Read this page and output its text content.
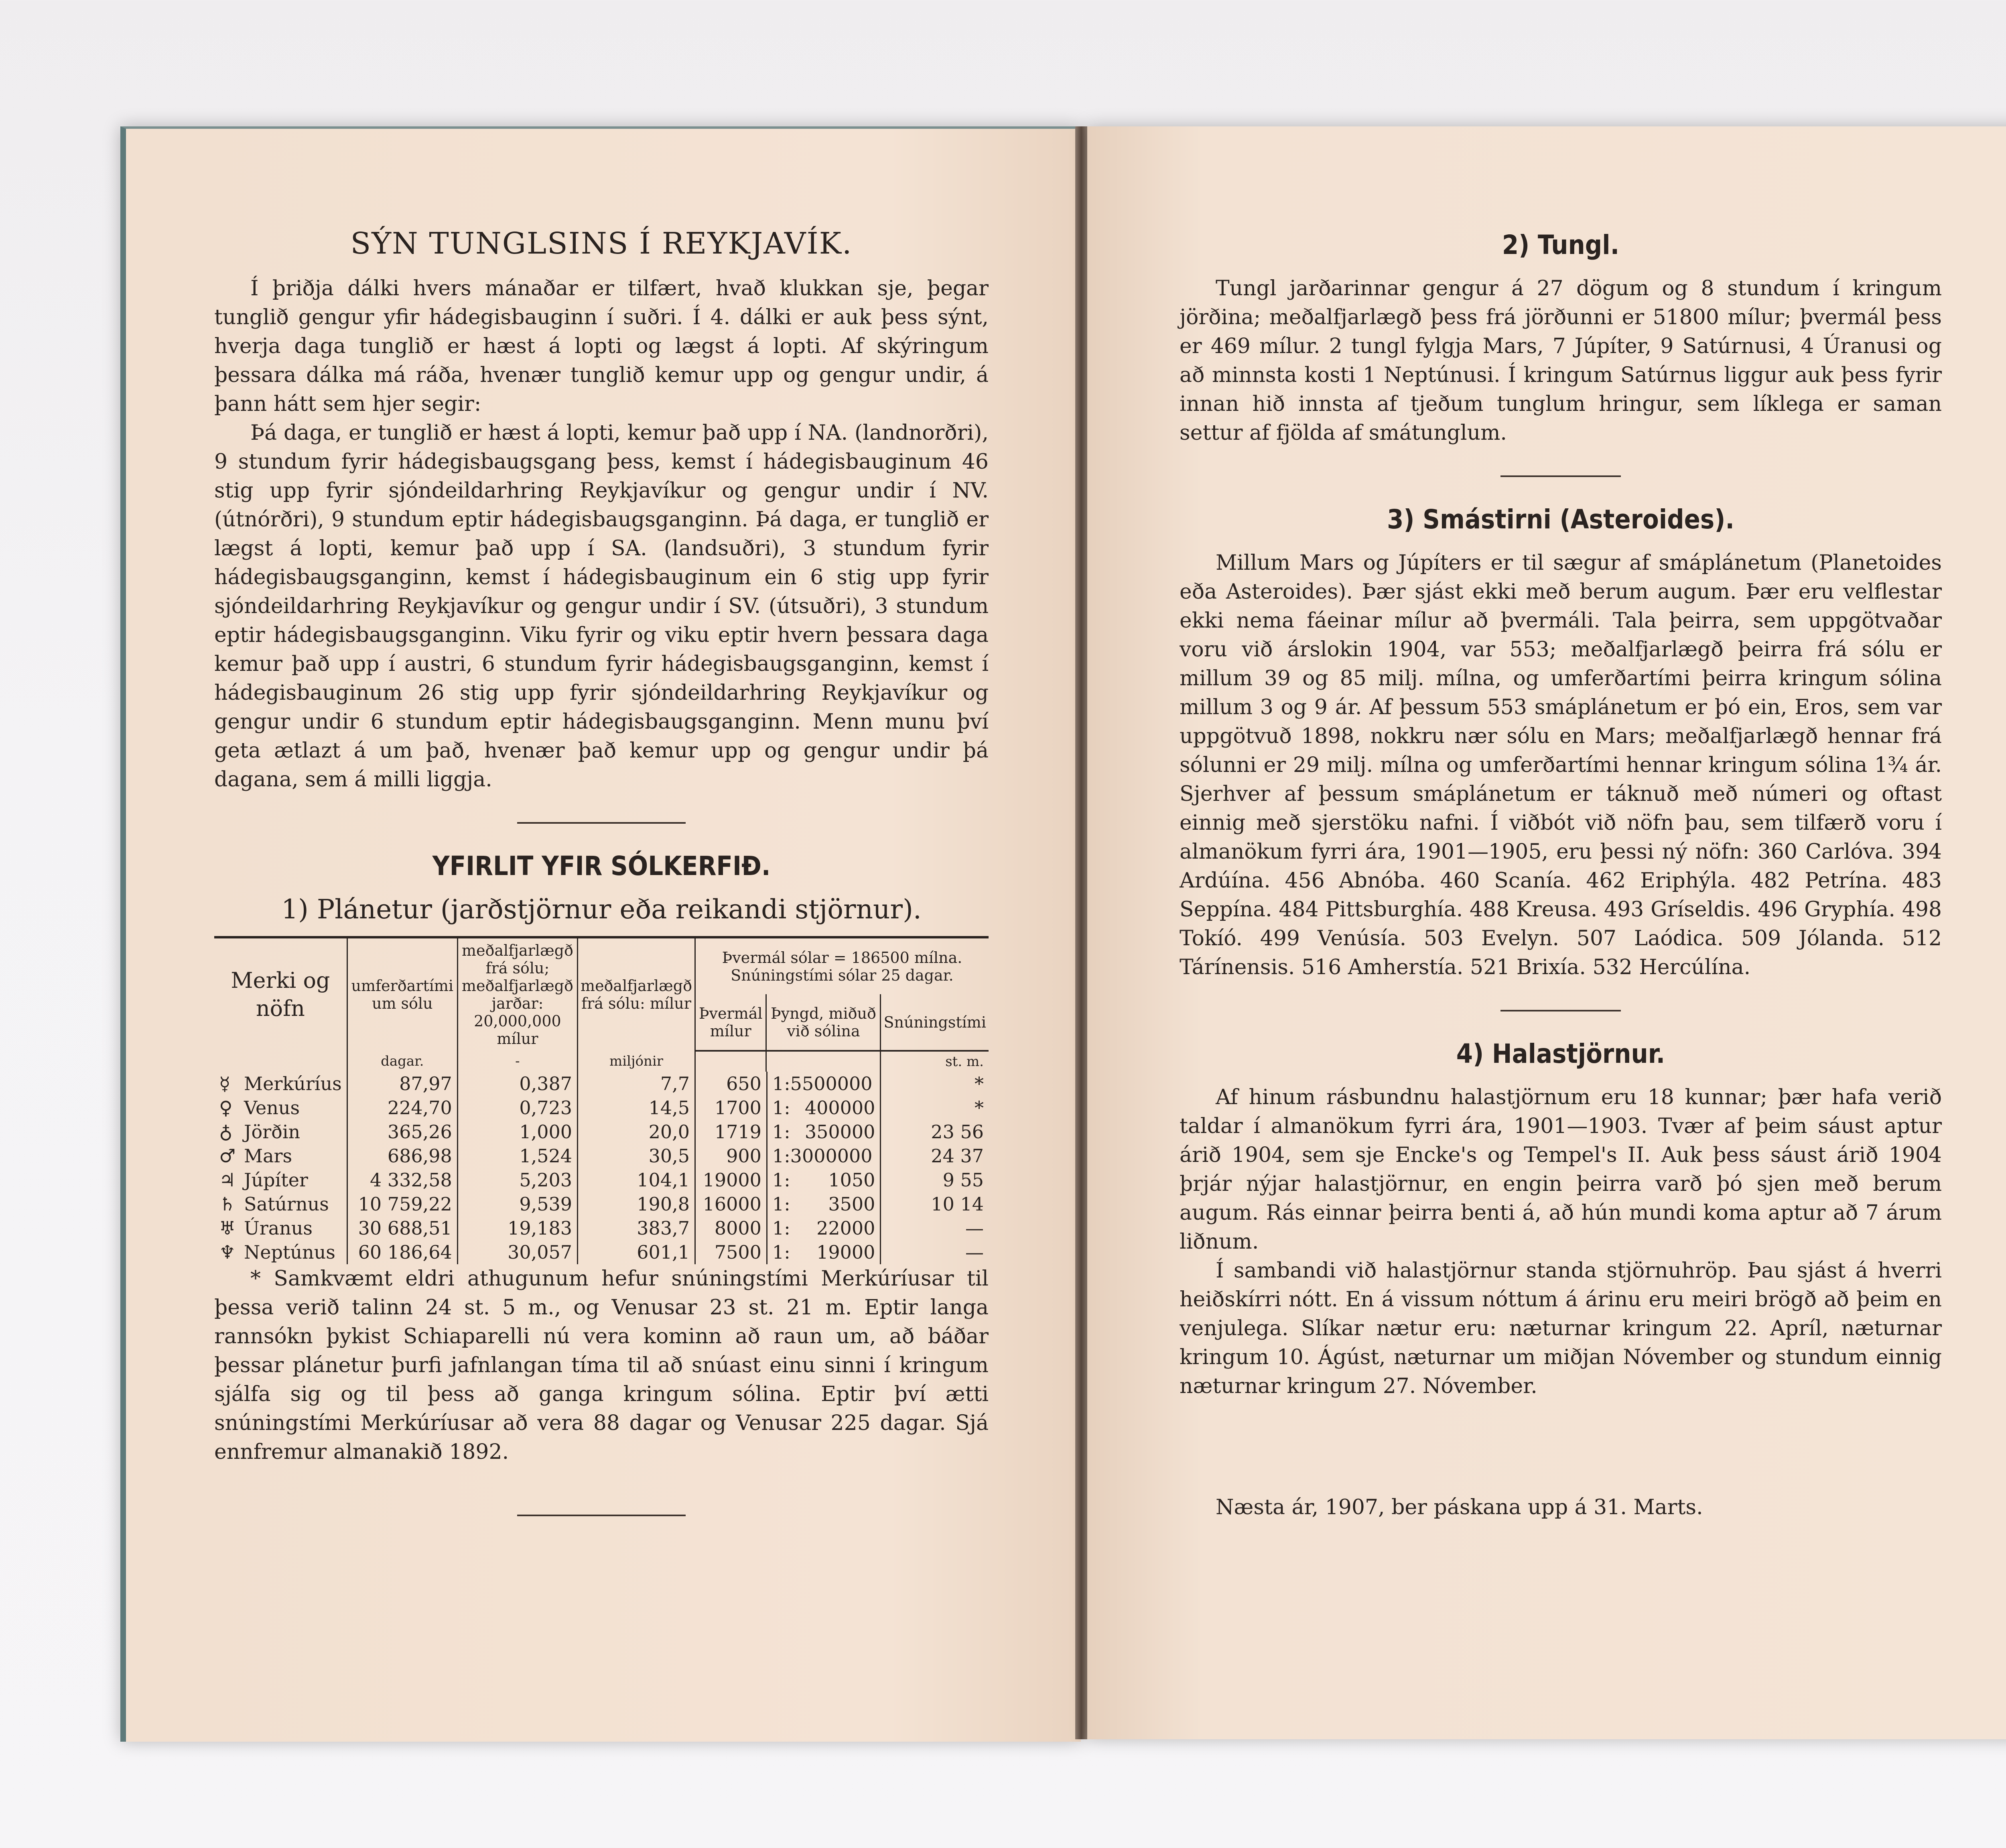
SÝN TUNGLSINS Í REYKJAVÍK.

Í þriðja dálki hvers mánaðar er tilfært, hvað klukkan sje, þegar tunglið gengur yfir hádegisbauginn í suðri. Í 4. dálki er auk þess sýnt, hverja daga tunglið er hæst á lopti og lægst á lopti. Af skýringum þessara dálka má ráða, hvenær tunglið kemur upp og gengur undir, á þann hátt sem hjer segir:

Þá daga, er tunglið er hæst á lopti, kemur það upp í NA. (landnorðri), 9 stundum fyrir hádegisbaugsgang þess, kemst í hádegisbauginum 46 stig upp fyrir sjóndeildarhring Reykjavíkur og gengur undir í NV. (útnórðri), 9 stundum eptir hádegisbaugsganginn. Þá daga, er tunglið er lægst á lopti, kemur það upp í SA. (landsuðri), 3 stundum fyrir hádegisbaugsganginn, kemst í hádegisbauginum ein 6 stig upp fyrir sjóndeildarhring Reykjavíkur og gengur undir í SV. (útsuðri), 3 stundum eptir hádegisbaugsganginn. Viku fyrir og viku eptir hvern þessara daga kemur það upp í austri, 6 stundum fyrir hádegisbaugsganginn, kemst í hádegisbauginum 26 stig upp fyrir sjóndeildarhring Reykjavíkur og gengur undir 6 stundum eptir hádegisbaugsganginn. Menn munu því geta ætlazt á um það, hvenær það kemur upp og gengur undir þá dagana, sem á milli liggja.

YFIRLIT YFIR SÓLKERFIÐ.
1) Plánetur (jarðstjörnur eða reikandi stjörnur).
Merki og nöfn	umferðartími um sólu	meðalfjarlægð frá sólu; meðalfjarlægð jarðar: 20,000,000 mílur	meðalfjarlægð frá sólu: mílur	Þvermál sólar = 186500 mílna. Snúningstími sólar 25 dagar.		
				Þvermál mílur	Þyngd, miðuð við sólina	Snúningstími
	dagar.	-	miljónir			st. m.
☿ Merkúríus	87,97	0,387	7,7	650	1:5500000	*
♀ Venus	224,70	0,723	14,5	1700	1: 400000	*
♁ Jörðin	365,26	1,000	20,0	1719	1: 350000	23 56
♂ Mars	686,98	1,524	30,5	900	1:3000000	24 37
♃ Júpíter	4 332,58	5,203	104,1	19000	1: 1050	9 55
♄ Satúrnus	10 759,22	9,539	190,8	16000	1: 3500	10 14
♅ Úranus	30 688,51	19,183	383,7	8000	1: 22000	—
♆ Neptúnus	60 186,64	30,057	601,1	7500	1: 19000	—

* Samkvæmt eldri athugunum hefur snúningstími Merkúríusar til þessa verið talinn 24 st. 5 m., og Venusar 23 st. 21 m. Eptir langa rannsókn þykist Schiaparelli nú vera kominn að raun um, að báðar þessar plánetur þurfi jafnlangan tíma til að snúast einu sinni í kringum sjálfa sig og til þess að ganga kringum sólina. Eptir því ætti snúningstími Merkúríusar að vera 88 dagar og Venusar 225 dagar. Sjá ennfremur almanakið 1892.

2) Tungl.

Tungl jarðarinnar gengur á 27 dögum og 8 stundum í kringum jörðina; meðalfjarlægð þess frá jörðunni er 51800 mílur; þvermál þess er 469 mílur. 2 tungl fylgja Mars, 7 Júpíter, 9 Satúrnusi, 4 Úranusi og að minnsta kosti 1 Neptúnusi. Í kringum Satúrnus liggur auk þess fyrir innan hið innsta af tjeðum tunglum hringur, sem líklega er saman settur af fjölda af smátunglum.

3) Smástirni (Asteroides).

Millum Mars og Júpíters er til sægur af smáplánetum (Planetoides eða Asteroides). Þær sjást ekki með berum augum. Þær eru velflestar ekki nema fáeinar mílur að þvermáli. Tala þeirra, sem uppgötvaðar voru við árslokin 1904, var 553; meðalfjarlægð þeirra frá sólu er millum 39 og 85 milj. mílna, og umferðartími þeirra kringum sólina millum 3 og 9 ár. Af þessum 553 smáplánetum er þó ein, Eros, sem var uppgötvuð 1898, nokkru nær sólu en Mars; meðalfjarlægð hennar frá sólunni er 29 milj. mílna og umferðartími hennar kringum sólina 1¾ ár. Sjerhver af þessum smáplánetum er táknuð með númeri og oftast einnig með sjerstöku nafni. Í viðbót við nöfn þau, sem tilfærð voru í almanökum fyrri ára, 1901—1905, eru þessi ný nöfn: 360 Carlóva. 394 Ardúína. 456 Abnóba. 460 Scanía. 462 Eriphýla. 482 Petrína. 483 Seppína. 484 Pittsburghía. 488 Kreusa. 493 Gríseldis. 496 Gryphía. 498 Tokíó. 499 Venúsía. 503 Evelyn. 507 Laódica. 509 Jólanda. 512 Tárínensis. 516 Amherstía. 521 Brixía. 532 Hercúlína.

4) Halastjörnur.

Af hinum rásbundnu halastjörnum eru 18 kunnar; þær hafa verið taldar í almanökum fyrri ára, 1901—1903. Tvær af þeim sáust aptur árið 1904, sem sje Encke's og Tempel's II. Auk þess sáust árið 1904 þrjár nýjar halastjörnur, en engin þeirra varð þó sjen með berum augum. Rás einnar þeirra benti á, að hún mundi koma aptur að 7 árum liðnum.

Í sambandi við halastjörnur standa stjörnuhröp. Þau sjást á hverri heiðskírri nótt. En á vissum nóttum á árinu eru meiri brögð að þeim en venjulega. Slíkar nætur eru: næturnar kringum 22. Apríl, næturnar kringum 10. Ágúst, næturnar um miðjan Nóvember og stundum einnig næturnar kringum 27. Nóvember.

Næsta ár, 1907, ber páskana upp á 31. Marts.
